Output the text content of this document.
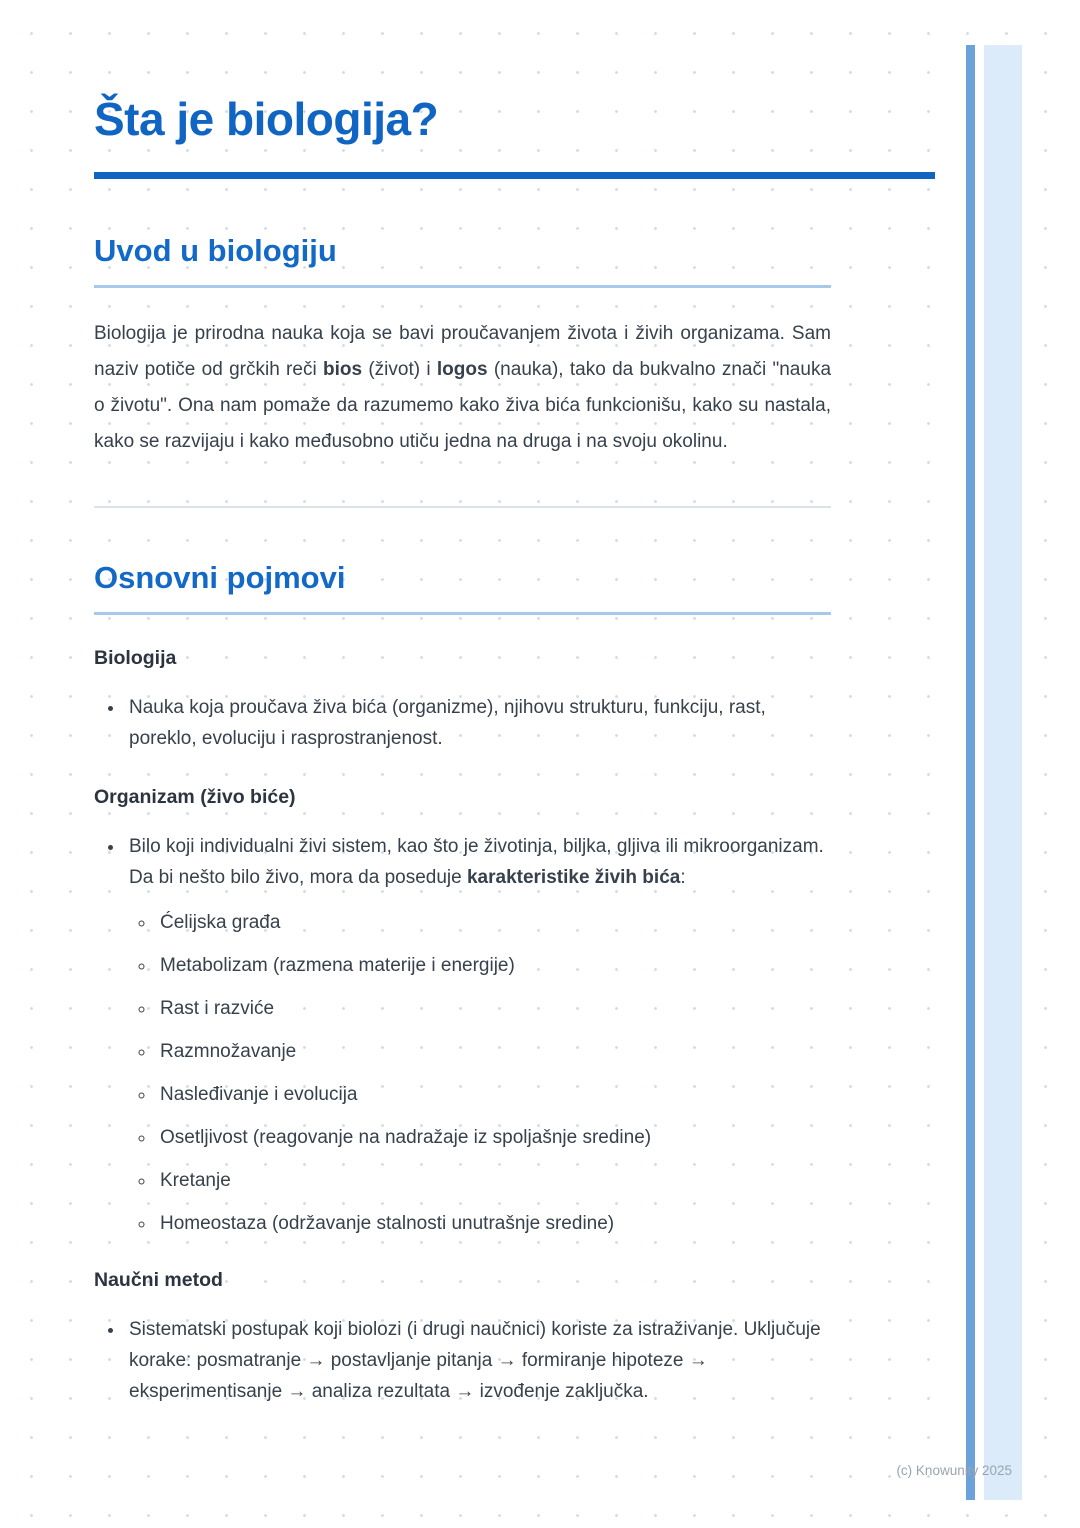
Šta je biologija?
Uvod u biologiju

Biologija je prirodna nauka koja se bavi proučavanjem života i živih organizama. Sam naziv potiče od grčkih reči bios (život) i logos (nauka), tako da bukvalno znači "nauka o životu". Ona nam pomaže da razumemo kako živa bića funkcionišu, kako su nastala, kako se razvijaju i kako međusobno utiču jedna na druga i na svoju okolinu.

Osnovni pojmovi
Biologija
• Nauka koja proučava živa bića (organizme), njihovu strukturu, funkciju, rast, poreklo, evoluciju i rasprostranjenost.
Organizam (živo biće)
• Bilo koji individualni živi sistem, kao što je životinja, biljka, gljiva ili mikroorganizam. Da bi nešto bilo živo, mora da poseduje karakteristike živih bića:
◦ Ćelijska građa
◦ Metabolizam (razmena materije i energije)
◦ Rast i razviće
◦ Razmnožavanje
◦ Nasleđivanje i evolucija
◦ Osetljivost (reagovanje na nadražaje iz spoljašnje sredine)
◦ Kretanje
◦ Homeostaza (održavanje stalnosti unutrašnje sredine)
Naučni metod
• Sistematski postupak koji biolozi (i drugi naučnici) koriste za istraživanje. Uključuje korake: posmatranje → postavljanje pitanja → formiranje hipoteze → eksperimentisanje → analiza rezultata → izvođenje zaključka.
(c) Knowunity 2025
